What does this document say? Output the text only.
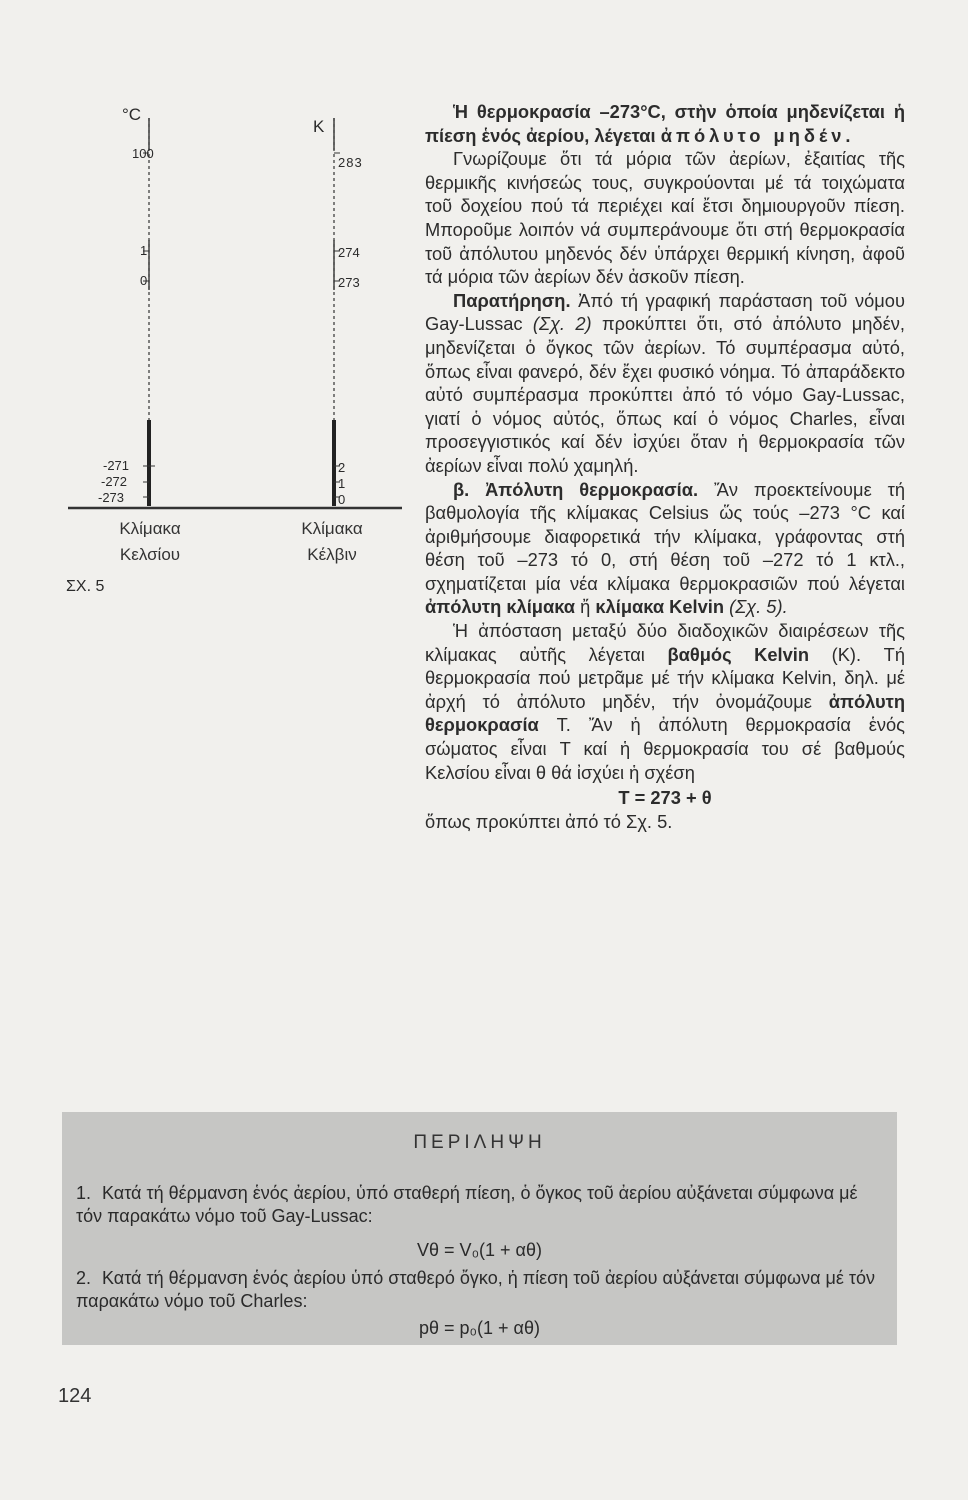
°C
K
100
1
0
-271
-272
-273
283
274
273
2
1
0
Κλίμακα
Κελσίου
Κλίμακα
Κέλβιν
ΣΧ. 5

Ἡ θερμοκρασία –273°C, στὴν ὁποία μηδενίζεται ἡ πίεση ἑνός ἀερίου, λέγεται ἀπόλυτο μηδέν.

Γνωρίζουμε ὅτι τά μόρια τῶν ἀερίων, ἐξαιτίας τῆς θερμικῆς κινήσεώς τους, συγκρούονται μέ τά τοιχώματα τοῦ δοχείου πού τά περιέχει καί ἔτσι δημιουργοῦν πίεση. Μποροῦμε λοιπόν νά συμπεράνουμε ὅτι στή θερμοκρασία τοῦ ἀπόλυτου μηδενός δέν ὑπάρχει θερμική κίνηση, ἀφοῦ τά μόρια τῶν ἀερίων δέν ἀσκοῦν πίεση.

Παρατήρηση. Ἀπό τή γραφική παράσταση τοῦ νόμου Gay-Lussac (Σχ. 2) προκύπτει ὅτι, στό ἀπόλυτο μηδέν, μηδενίζεται ὁ ὄγκος τῶν ἀερίων. Τό συμπέρασμα αὐτό, ὅπως εἶναι φανερό, δέν ἔχει φυσικό νόημα. Τό ἀπαράδεκτο αὐτό συμπέρασμα προκύπτει ἀπό τό νόμο Gay-Lussac, γιατί ὁ νόμος αὐτός, ὅπως καί ὁ νόμος Charles, εἶναι προσεγγιστικός καί δέν ἰσχύει ὅταν ἡ θερμοκρασία τῶν ἀερίων εἶναι πολύ χαμηλή.

β. Ἀπόλυτη θερμοκρασία. Ἄν προεκτείνουμε τή βαθμολογία τῆς κλίμακας Celsius ὥς τούς –273 °C καί ἀριθμήσουμε διαφορετικά τήν κλίμακα, γράφοντας στή θέση τοῦ –273 τό 0, στή θέση τοῦ –272 τό 1 κτλ., σχηματίζεται μία νέα κλίμακα θερμοκρασιῶν πού λέγεται ἀπόλυτη κλίμακα ἤ κλίμακα Kelvin (Σχ. 5).

Ἡ ἀπόσταση μεταξύ δύο διαδοχικῶν διαιρέσεων τῆς κλίμακας αὐτῆς λέγεται βαθμός Kelvin (K). Τή θερμοκρασία πού μετρᾶμε μέ τήν κλίμακα Kelvin, δηλ. μέ ἀρχή τό ἀπόλυτο μηδέν, τήν ὀνομάζουμε ἀπόλυτη θερμοκρασία T. Ἄν ἡ ἀπόλυτη θερμοκρασία ἑνός σώματος εἶναι T καί ἡ θερμοκρασία του σέ βαθμούς Κελσίου εἶναι θ θά ἰσχύει ἡ σχέση

T = 273 + θ

ὅπως προκύπτει ἀπό τό Σχ. 5.

ΠΕΡΙΛΗΨΗ
1. Κατά τή θέρμανση ἑνός ἀερίου, ὑπό σταθερή πίεση, ὁ ὄγκος τοῦ ἀερίου αὐξάνεται σύμφωνα μέ τόν παρακάτω νόμο τοῦ Gay-Lussac:
Vθ = V₀(1 + αθ)
2. Κατά τή θέρμανση ἑνός ἀερίου ὑπό σταθερό ὄγκο, ἡ πίεση τοῦ ἀερίου αὐξάνεται σύμφωνα μέ τόν παρακάτω νόμο τοῦ Charles:
pθ = p₀(1 + αθ)
124
